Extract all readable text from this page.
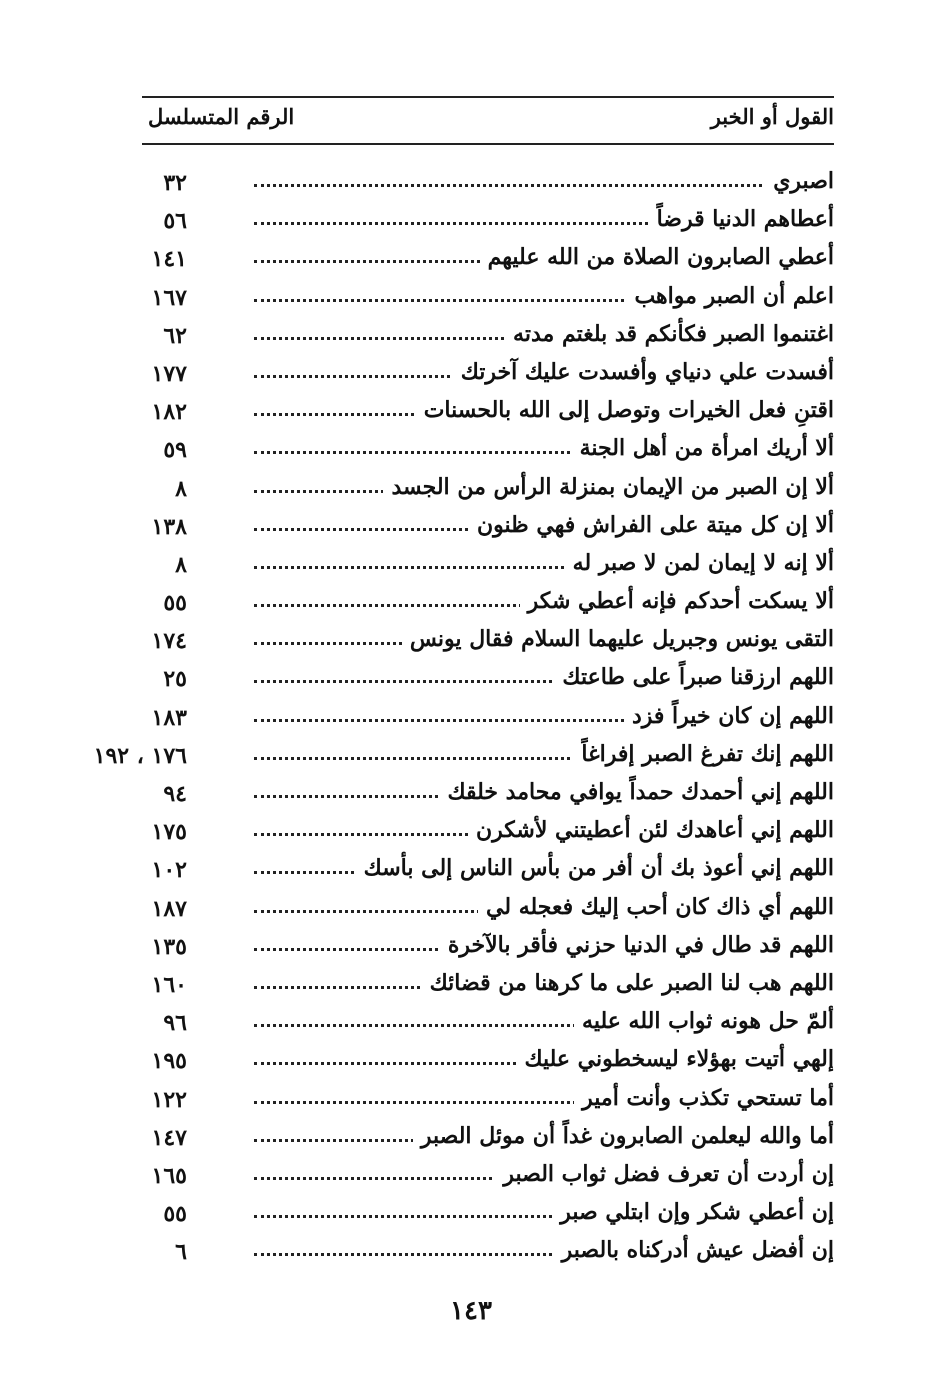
القول أو الخبر
الرقم المتسلسل
اصبري
٣٢
أعطاهم الدنيا قرضاً
٥٦
أعطي الصابرون الصلاة من الله عليهم
١٤١
اعلم أن الصبر مواهب
١٦٧
اغتنموا الصبر فكأنكم قد بلغتم مدته
٦٢
أفسدت علي دنياي وأفسدت عليك آخرتك
١٧٧
اقتنِ فعل الخيرات وتوصل إلى الله بالحسنات
١٨٢
ألا أريك امرأة من أهل الجنة
٥٩
ألا إن الصبر من الإيمان بمنزلة الرأس من الجسد
٨
ألا إن كل ميتة على الفراش فهي ظنون
١٣٨
ألا إنه لا إيمان لمن لا صبر له
٨
ألا يسكت أحدكم فإنه أعطي شكر
٥٥
التقى يونس وجبريل عليهما السلام فقال يونس
١٧٤
اللهم ارزقنا صبراً على طاعتك
٢٥
اللهم إن كان خيراً فزد
١٨٣
اللهم إنك تفرغ الصبر إفراغاً
١٧٦ ، ١٩٢
اللهم إني أحمدك حمداً يوافي محامد خلقك
٩٤
اللهم إني أعاهدك لئن أعطيتني لأشكرن
١٧٥
اللهم إني أعوذ بك أن أفر من بأس الناس إلى بأسك
١٠٢
اللهم أي ذاك كان أحب إليك فعجله لي
١٨٧
اللهم قد طال في الدنيا حزني فأقر بالآخرة
١٣٥
اللهم هب لنا الصبر على ما كرهنا من قضائك
١٦٠
ألمّ حل هونه ثواب الله عليه
٩٦
إلهي أتيت بهؤلاء ليسخطوني عليك
١٩٥
أما تستحي تكذب وأنت أمير
١٢٢
أما والله ليعلمن الصابرون غداً أن موئل الصبر
١٤٧
إن أردت أن تعرف فضل ثواب الصبر
١٦٥
إن أعطي شكر وإن ابتلي صبر
٥٥
إن أفضل عيش أدركناه بالصبر
٦
١٤٣
